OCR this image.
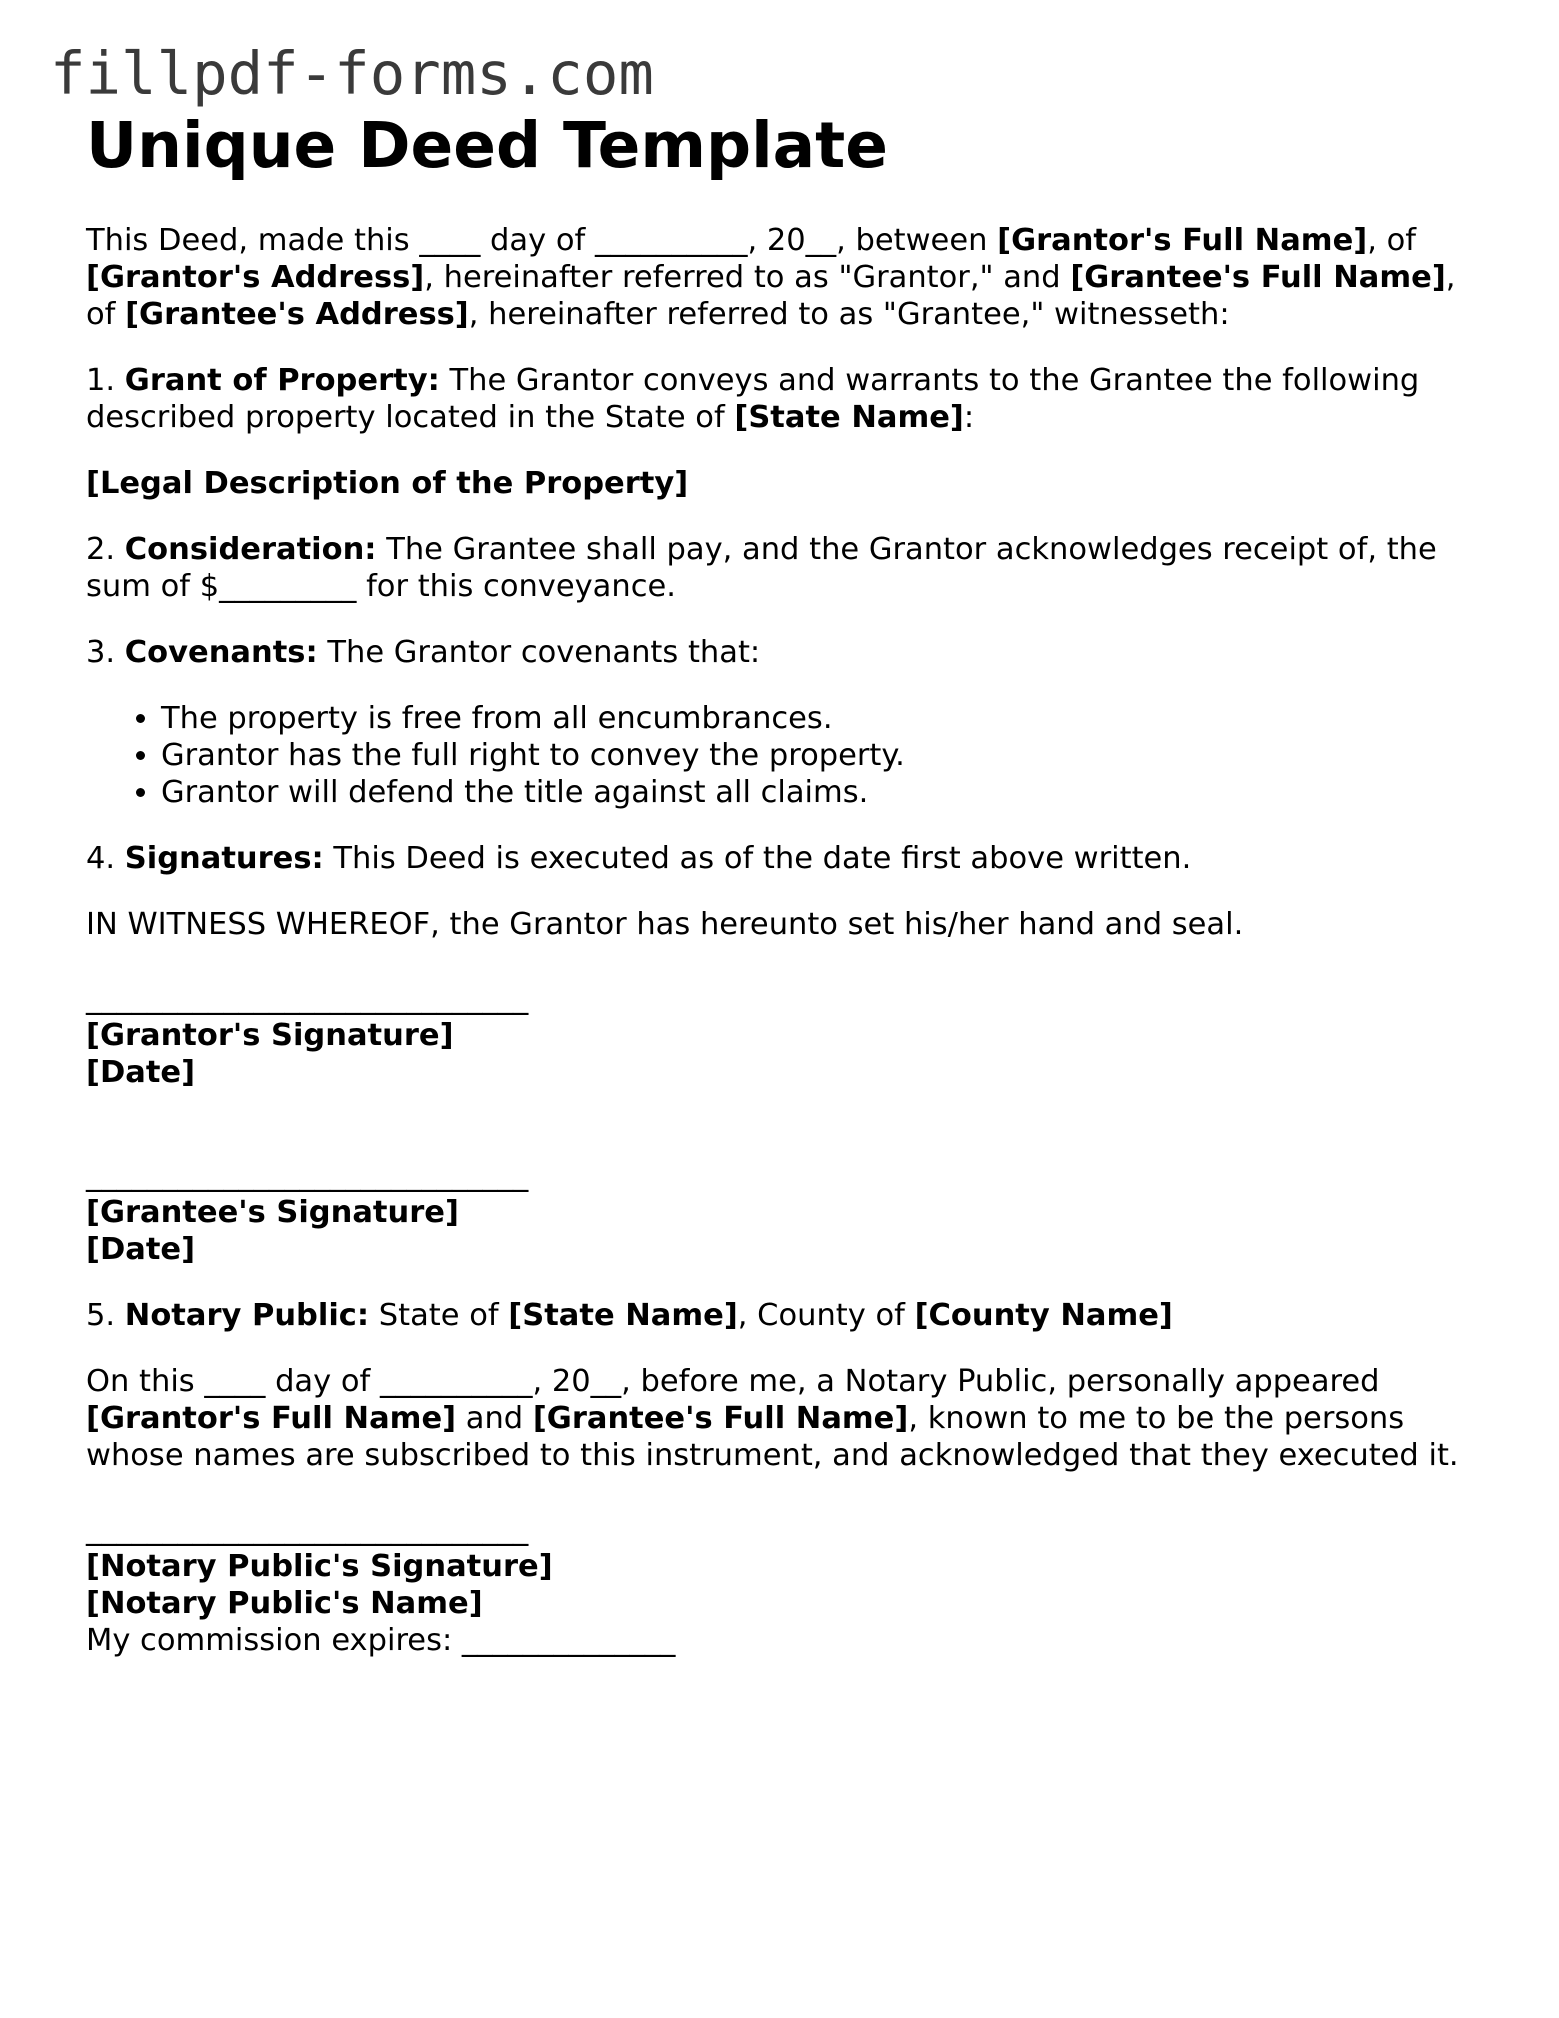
fillpdf-forms.com
Unique Deed Template

This Deed, made this ____ day of __________, 20__, between [Grantor's Full Name], of [Grantor's Address], hereinafter referred to as "Grantor," and [Grantee's Full Name], of [Grantee's Address], hereinafter referred to as "Grantee," witnesseth:

1. Grant of Property: The Grantor conveys and warrants to the Grantee the following described property located in the State of [State Name]:

[Legal Description of the Property]

2. Consideration: The Grantee shall pay, and the Grantor acknowledges receipt of, the sum of $_________ for this conveyance.

3. Covenants: The Grantor covenants that:

• The property is free from all encumbrances.
• Grantor has the full right to convey the property.
• Grantor will defend the title against all claims.

4. Signatures: This Deed is executed as of the date first above written.

IN WITNESS WHEREOF, the Grantor has hereunto set his/her hand and seal.

_____________________________
[Grantor's Signature]
[Date]
_____________________________
[Grantee's Signature]
[Date]

5. Notary Public: State of [State Name], County of [County Name]

On this ____ day of __________, 20__, before me, a Notary Public, personally appeared [Grantor's Full Name] and [Grantee's Full Name], known to me to be the persons whose names are subscribed to this instrument, and acknowledged that they executed it.

_____________________________
[Notary Public's Signature]
[Notary Public's Name]
My commission expires: ______________
